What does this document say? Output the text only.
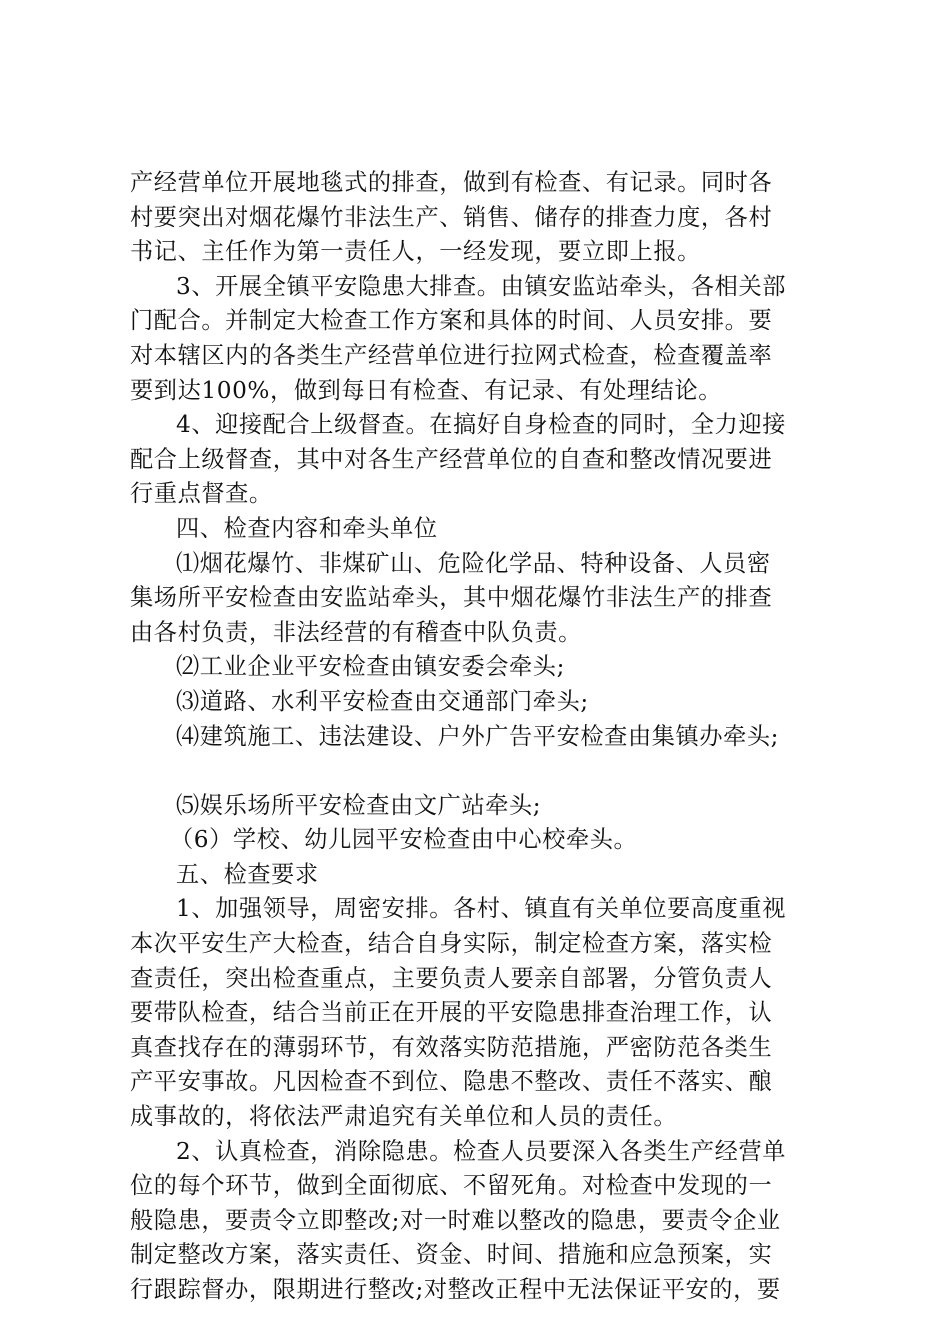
产经营单位开展地毯式的排查，做到有检查、有记录。同时各
村要突出对烟花爆竹非法生产、销售、储存的排查力度，各村
书记、主任作为第一责任人，一经发现，要立即上报。
3、开展全镇平安隐患大排查。由镇安监站牵头，各相关部
门配合。并制定大检查工作方案和具体的时间、人员安排。要
对本辖区内的各类生产经营单位进行拉网式检查，检查覆盖率
要到达100%，做到每日有检查、有记录、有处理结论。
4、迎接配合上级督查。在搞好自身检查的同时，全力迎接
配合上级督查，其中对各生产经营单位的自查和整改情况要进
行重点督查。
四、检查内容和牵头单位
⑴烟花爆竹、非煤矿山、危险化学品、特种设备、人员密
集场所平安检查由安监站牵头，其中烟花爆竹非法生产的排查
由各村负责，非法经营的有稽查中队负责。
⑵工业企业平安检查由镇安委会牵头;
⑶道路、水利平安检查由交通部门牵头;
⑷建筑施工、违法建设、户外广告平安检查由集镇办牵头;
⑸娱乐场所平安检查由文广站牵头;
（6）学校、幼儿园平安检查由中心校牵头。
五、检查要求
1、加强领导，周密安排。各村、镇直有关单位要高度重视
本次平安生产大检查，结合自身实际，制定检查方案，落实检
查责任，突出检查重点，主要负责人要亲自部署，分管负责人
要带队检查，结合当前正在开展的平安隐患排查治理工作，认
真查找存在的薄弱环节，有效落实防范措施，严密防范各类生
产平安事故。凡因检查不到位、隐患不整改、责任不落实、酿
成事故的，将依法严肃追究有关单位和人员的责任。
2、认真检查，消除隐患。检查人员要深入各类生产经营单
位的每个环节，做到全面彻底、不留死角。对检查中发现的一
般隐患，要责令立即整改;对一时难以整改的隐患，要责令企业
制定整改方案，落实责任、资金、时间、措施和应急预案，实
行跟踪督办，限期进行整改;对整改正程中无法保证平安的，要
